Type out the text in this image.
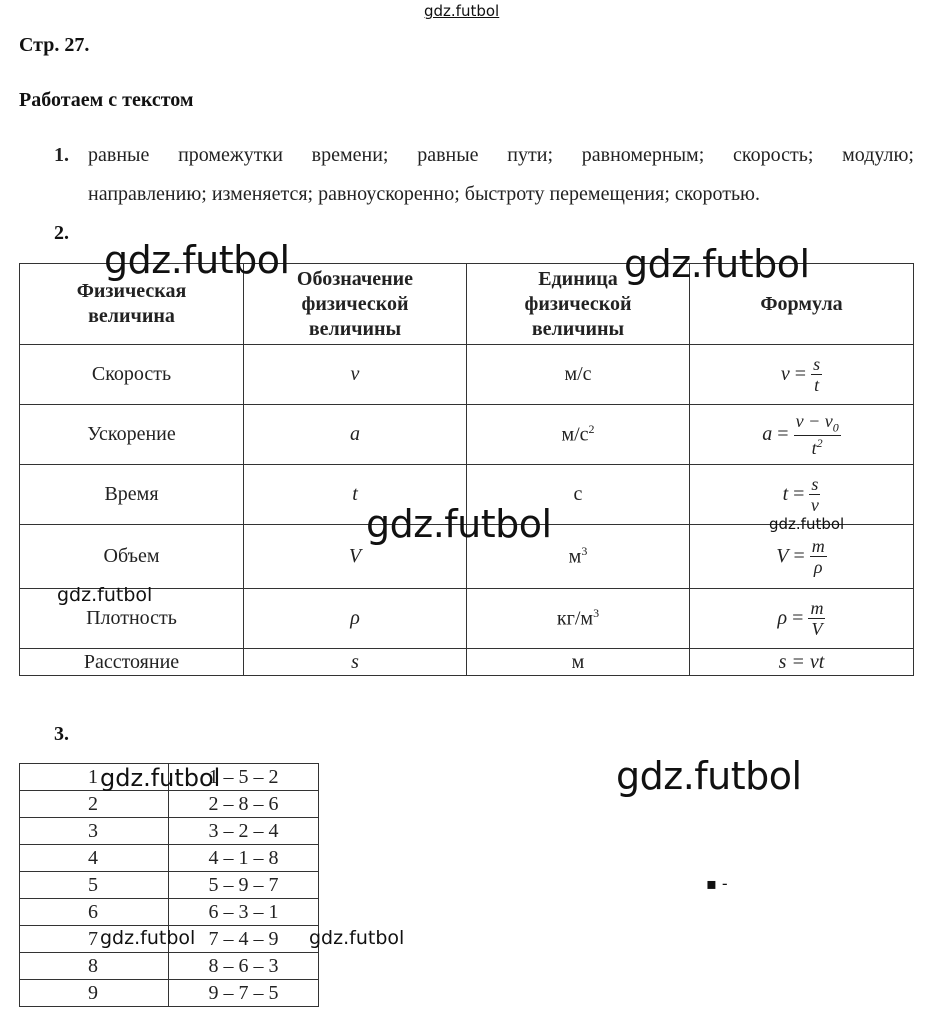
gdz.futbol
Стр. 27.
Работаем с текстом
1. равные промежутки времени; равные пути; равномерным; скорость; модулю;
направлению; изменяется; равноускоренно; быстроту перемещения; скоротью.
2.
Физическая величина	Обозначение физической величины	Единица физической величины	Формула
Скорость	v	м/с	$v = \frac{s}{t}$

Ускорение	a	$м/с^2$	$a = \frac{v - v_0}{t^2}$

Время	t	с	$t = \frac{s}{v}$

Объем	V	$м^3$	$V = \frac{m}{\rho}$

Плотность	ρ	$кг/м^3$	$\rho = \frac{m}{V}$

Расстояние	s	м	s = vt
gdz.futbol	gdz.futbol
gdz.futbol	gdz.futbol
gdz.futbol
3.
1	1 – 5 – 2
2	2 – 8 – 6
3	3 – 2 – 4
4	4 – 1 – 8
5	5 – 9 – 7
6	6 – 3 – 1
7	7 – 4 – 9
8	8 – 6 – 3
9	9 – 7 – 5
gdz.futbol
gdz.futbol
gdz.futbol	gdz.futbol
▪ -
